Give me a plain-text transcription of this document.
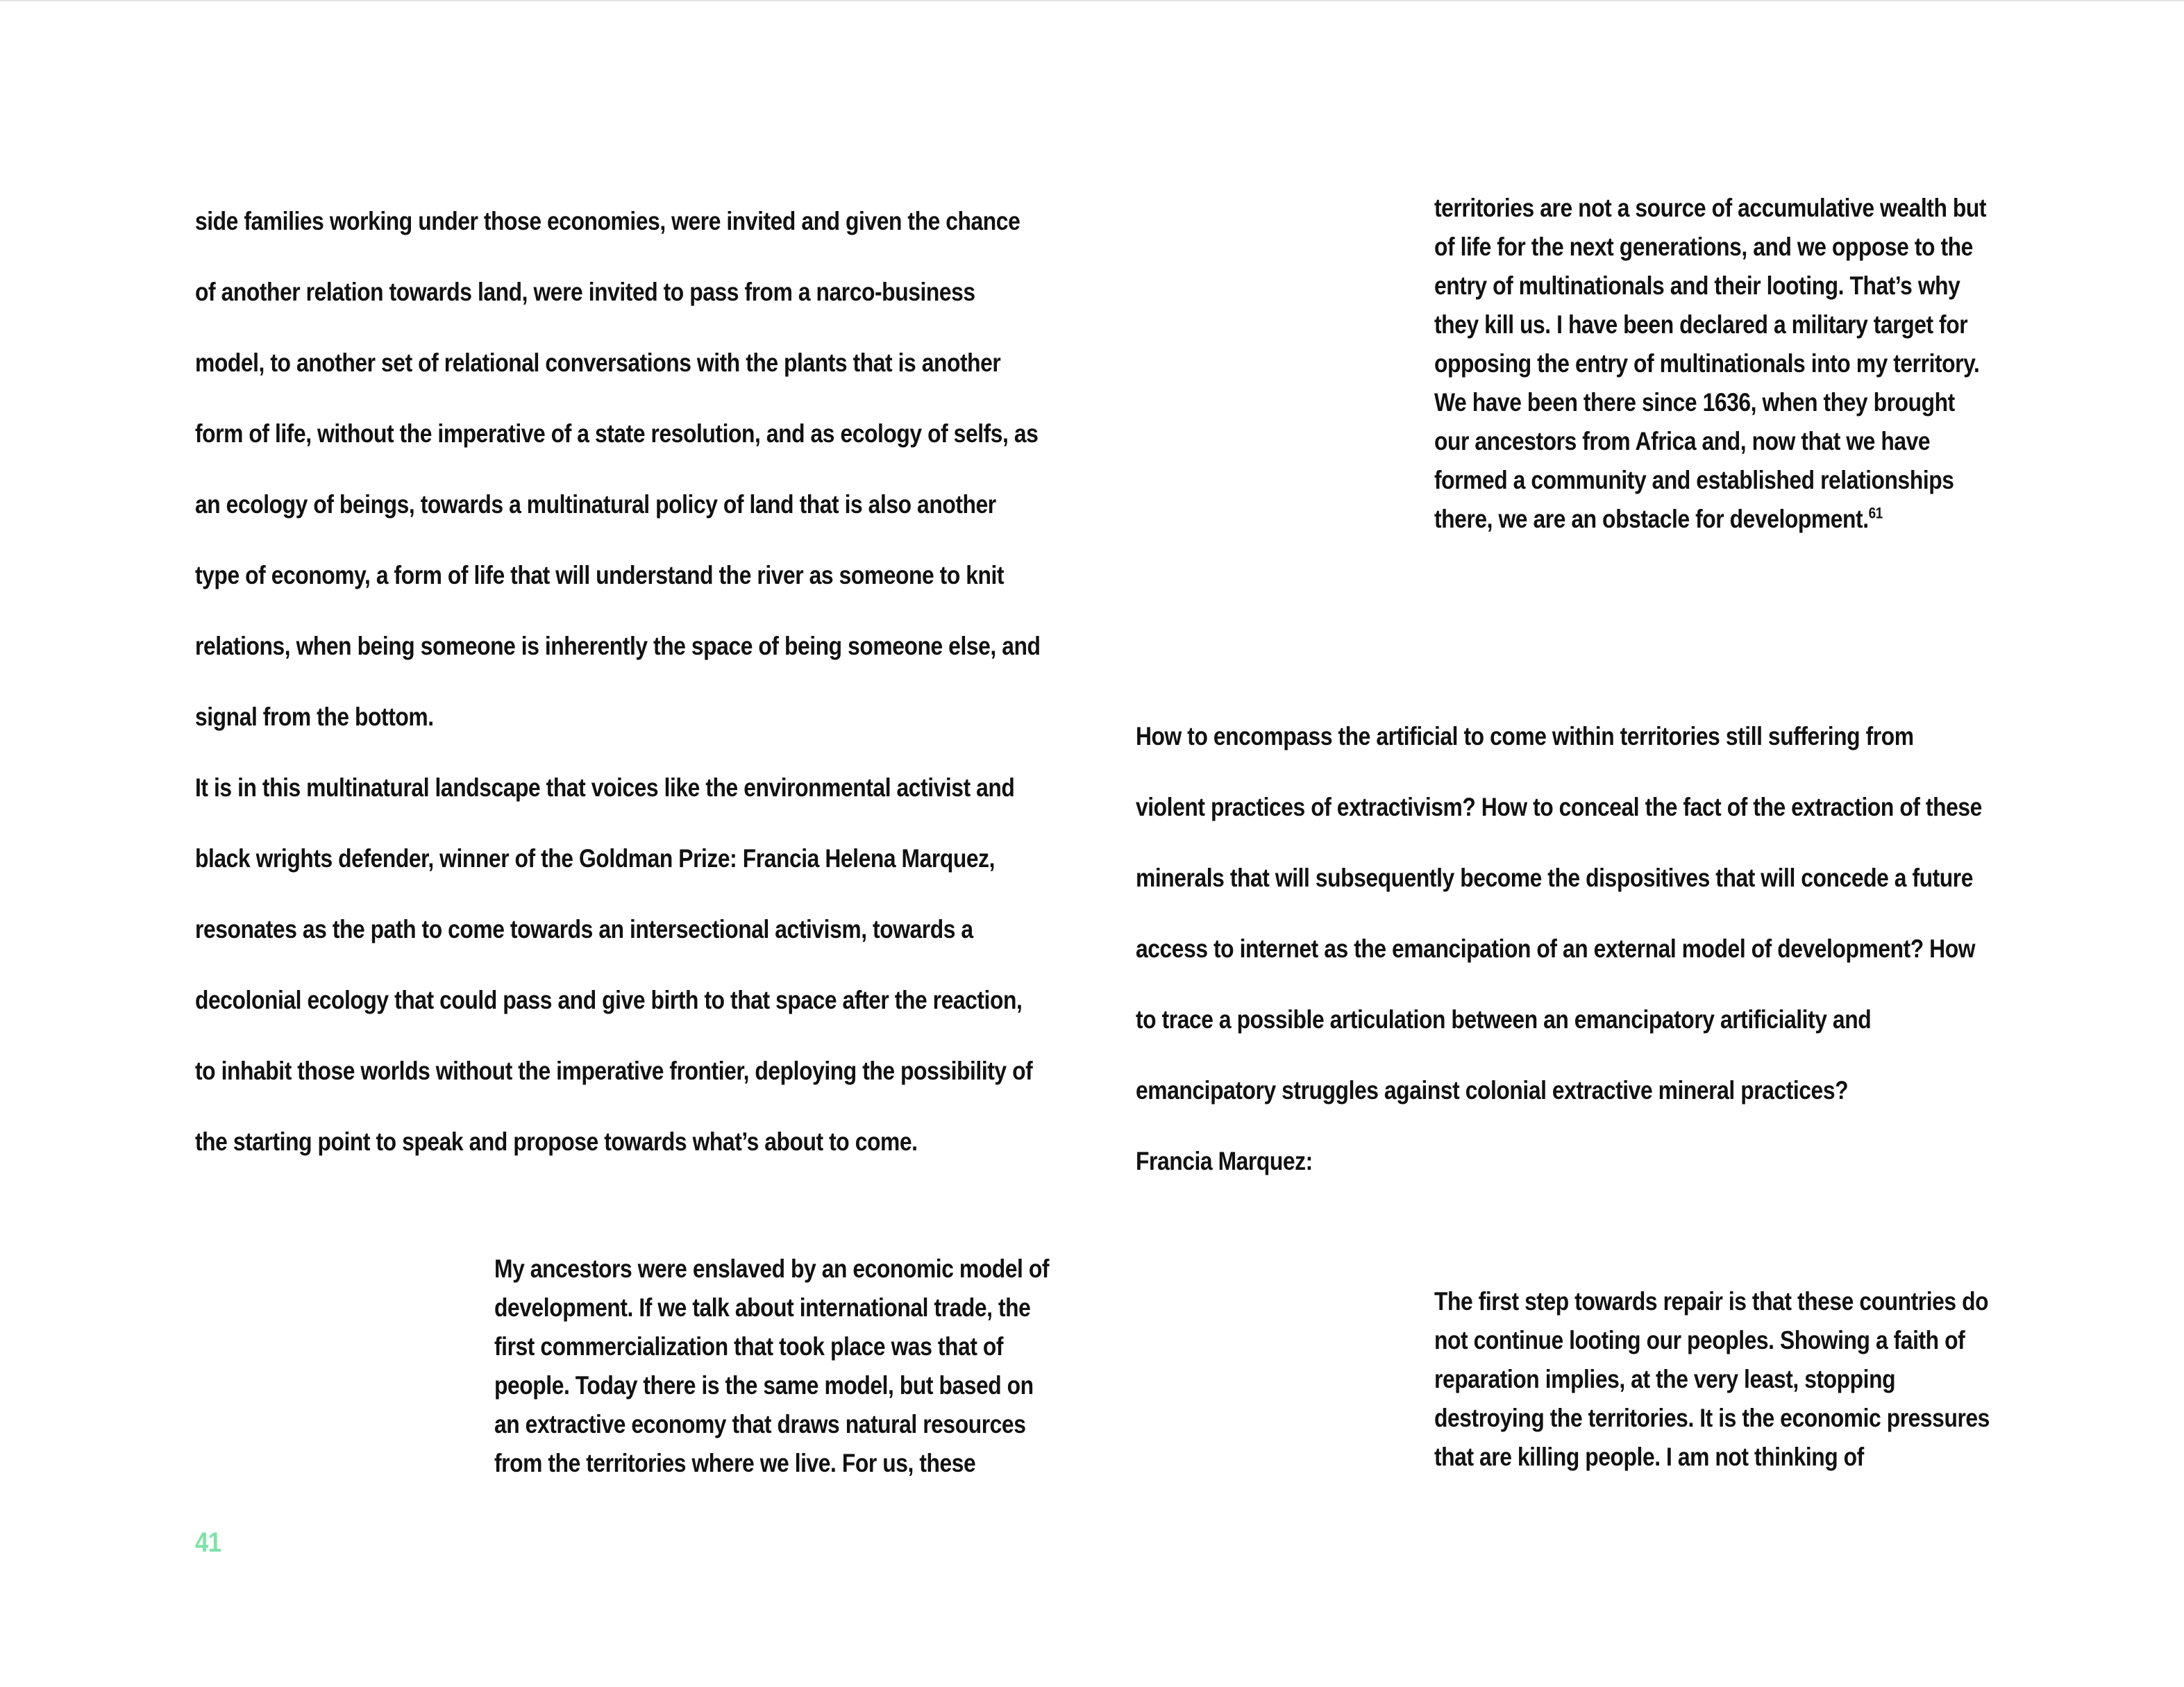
side families working under those economies, were invited and given the chance of another relation towards land, were invited to pass from a narco-business model, to another set of relational conversations with the plants that is another form of life, without the imperative of a state resolution, and as ecology of selfs, as an ecology of beings, towards a multinatural policy of land that is also another type of economy, a form of life that will understand the river as someone to knit relations, when being someone is inherently the space of being someone else, and signal from the bottom.
It is in this multinatural landscape that voices like the environmental activist and black wrights defender, winner of the Goldman Prize: Francia Helena Marquez, resonates as the path to come towards an intersectional activism, towards a decolonial ecology that could pass and give birth to that space after the reaction, to inhabit those worlds without the imperative frontier, deploying the possibility of the starting point to speak and propose towards what’s about to come.

My ancestors were enslaved by an economic model of development. If we talk about international trade, the first commercialization that took place was that of people. Today there is the same model, but based on an extractive economy that draws natural resources from the territories where we live. For us, these

territories are not a source of accumulative wealth but of life for the next generations, and we oppose to the entry of multinationals and their looting. That’s why they kill us. I have been declared a military target for opposing the entry of multinationals into my territory. We have been there since 1636, when they brought our ancestors from Africa and, now that we have formed a community and established relationships there, we are an obstacle for development.$^{61}$

How to encompass the artificial to come within territories still suffering from violent practices of extractivism? How to conceal the fact of the extraction of these minerals that will subsequently become the dispositives that will concede a future access to internet as the emancipation of an external model of development? How to trace a possible articulation between an emancipatory artificiality and emancipatory struggles against colonial extractive mineral practices?
Francia Marquez:

The first step towards repair is that these countries do not continue looting our peoples. Showing a faith of reparation implies, at the very least, stopping destroying the territories. It is the economic pressures that are killing people. I am not thinking of

41
